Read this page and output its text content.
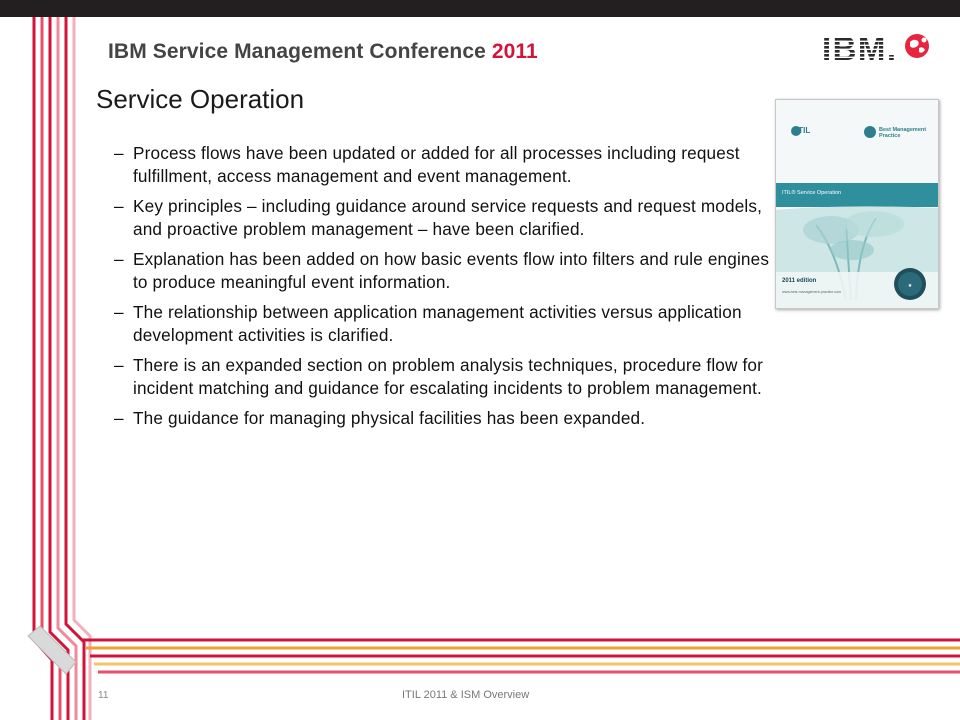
IBM Service Management Conference 2011	IBM.
Service Operation
– Process flows have been updated or added for all processes including request fulfillment, access management and event management.
– Key principles – including guidance around service requests and request models, and proactive problem management – have been clarified.
– Explanation has been added on how basic events flow into filters and rule engines to produce meaningful event information.
– The relationship between application management activities versus application development activities is clarified.
– There is an expanded section on problem analysis techniques, procedure flow for incident matching and guidance for escalating incidents to problem management.
– The guidance for managing physical facilities has been expanded.
★
ITIL	Best Management Practice
ITIL® Service Operation
2011 edition
www.best-management-practice.com
11	ITIL 2011 & ISM Overview
